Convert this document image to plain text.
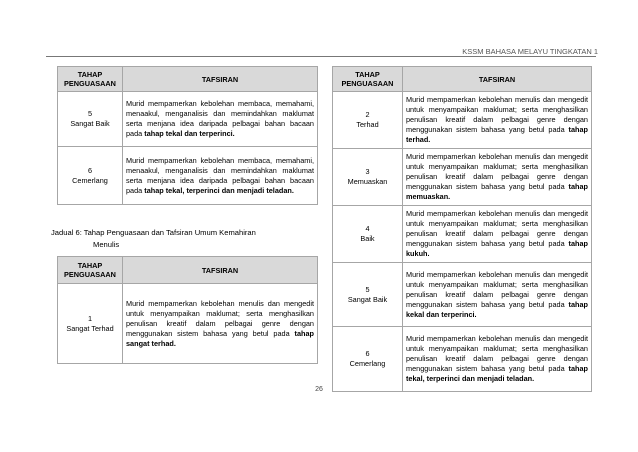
KSSM BAHASA MELAYU TINGKATAN 1
TAHAP PENGUASAAN	TAFSIRAN

5
Sangat Baik	Murid mempamerkan kebolehan membaca, memahami, menaakul, menganalisis dan memindahkan maklumat serta menjana idea daripada pelbagai bahan bacaan pada tahap tekal dan terperinci.

6
Cemerlang	Murid mempamerkan kebolehan membaca, memahami, menaakul, menganalisis dan memindahkan maklumat serta menjana idea daripada pelbagai bahan bacaan pada tahap tekal, terperinci dan menjadi teladan.
Jadual 6: Tahap Penguasaan dan Tafsiran Umum Kemahiran
Menulis
TAHAP PENGUASAAN	TAFSIRAN

1
Sangat Terhad	Murid mempamerkan kebolehan menulis dan mengedit untuk menyampaikan maklumat; serta menghasilkan penulisan kreatif dalam pelbagai genre dengan menggunakan sistem bahasa yang betul pada tahap sangat terhad.
TAHAP PENGUASAAN	TAFSIRAN

2
Terhad	Murid mempamerkan kebolehan menulis dan mengedit untuk menyampaikan maklumat; serta menghasilkan penulisan kreatif dalam pelbagai genre dengan menggunakan sistem bahasa yang betul pada tahap terhad.

3
Memuaskan	Murid mempamerkan kebolehan menulis dan mengedit untuk menyampaikan maklumat; serta menghasilkan penulisan kreatif dalam pelbagai genre dengan menggunakan sistem bahasa yang betul pada tahap memuaskan.

4
Baik	Murid mempamerkan kebolehan menulis dan mengedit untuk menyampaikan maklumat; serta menghasilkan penulisan kreatif dalam pelbagai genre dengan menggunakan sistem bahasa yang betul pada tahap kukuh.

5
Sangat Baik	Murid mempamerkan kebolehan menulis dan mengedit untuk menyampaikan maklumat; serta menghasilkan penulisan kreatif dalam pelbagai genre dengan menggunakan sistem bahasa yang betul pada tahap kekal dan terperinci.

6
Cemerlang	Murid mempamerkan kebolehan menulis dan mengedit untuk menyampaikan maklumat; serta menghasilkan penulisan kreatif dalam pelbagai genre dengan menggunakan sistem bahasa yang betul pada tahap tekal, terperinci dan menjadi teladan.
26
